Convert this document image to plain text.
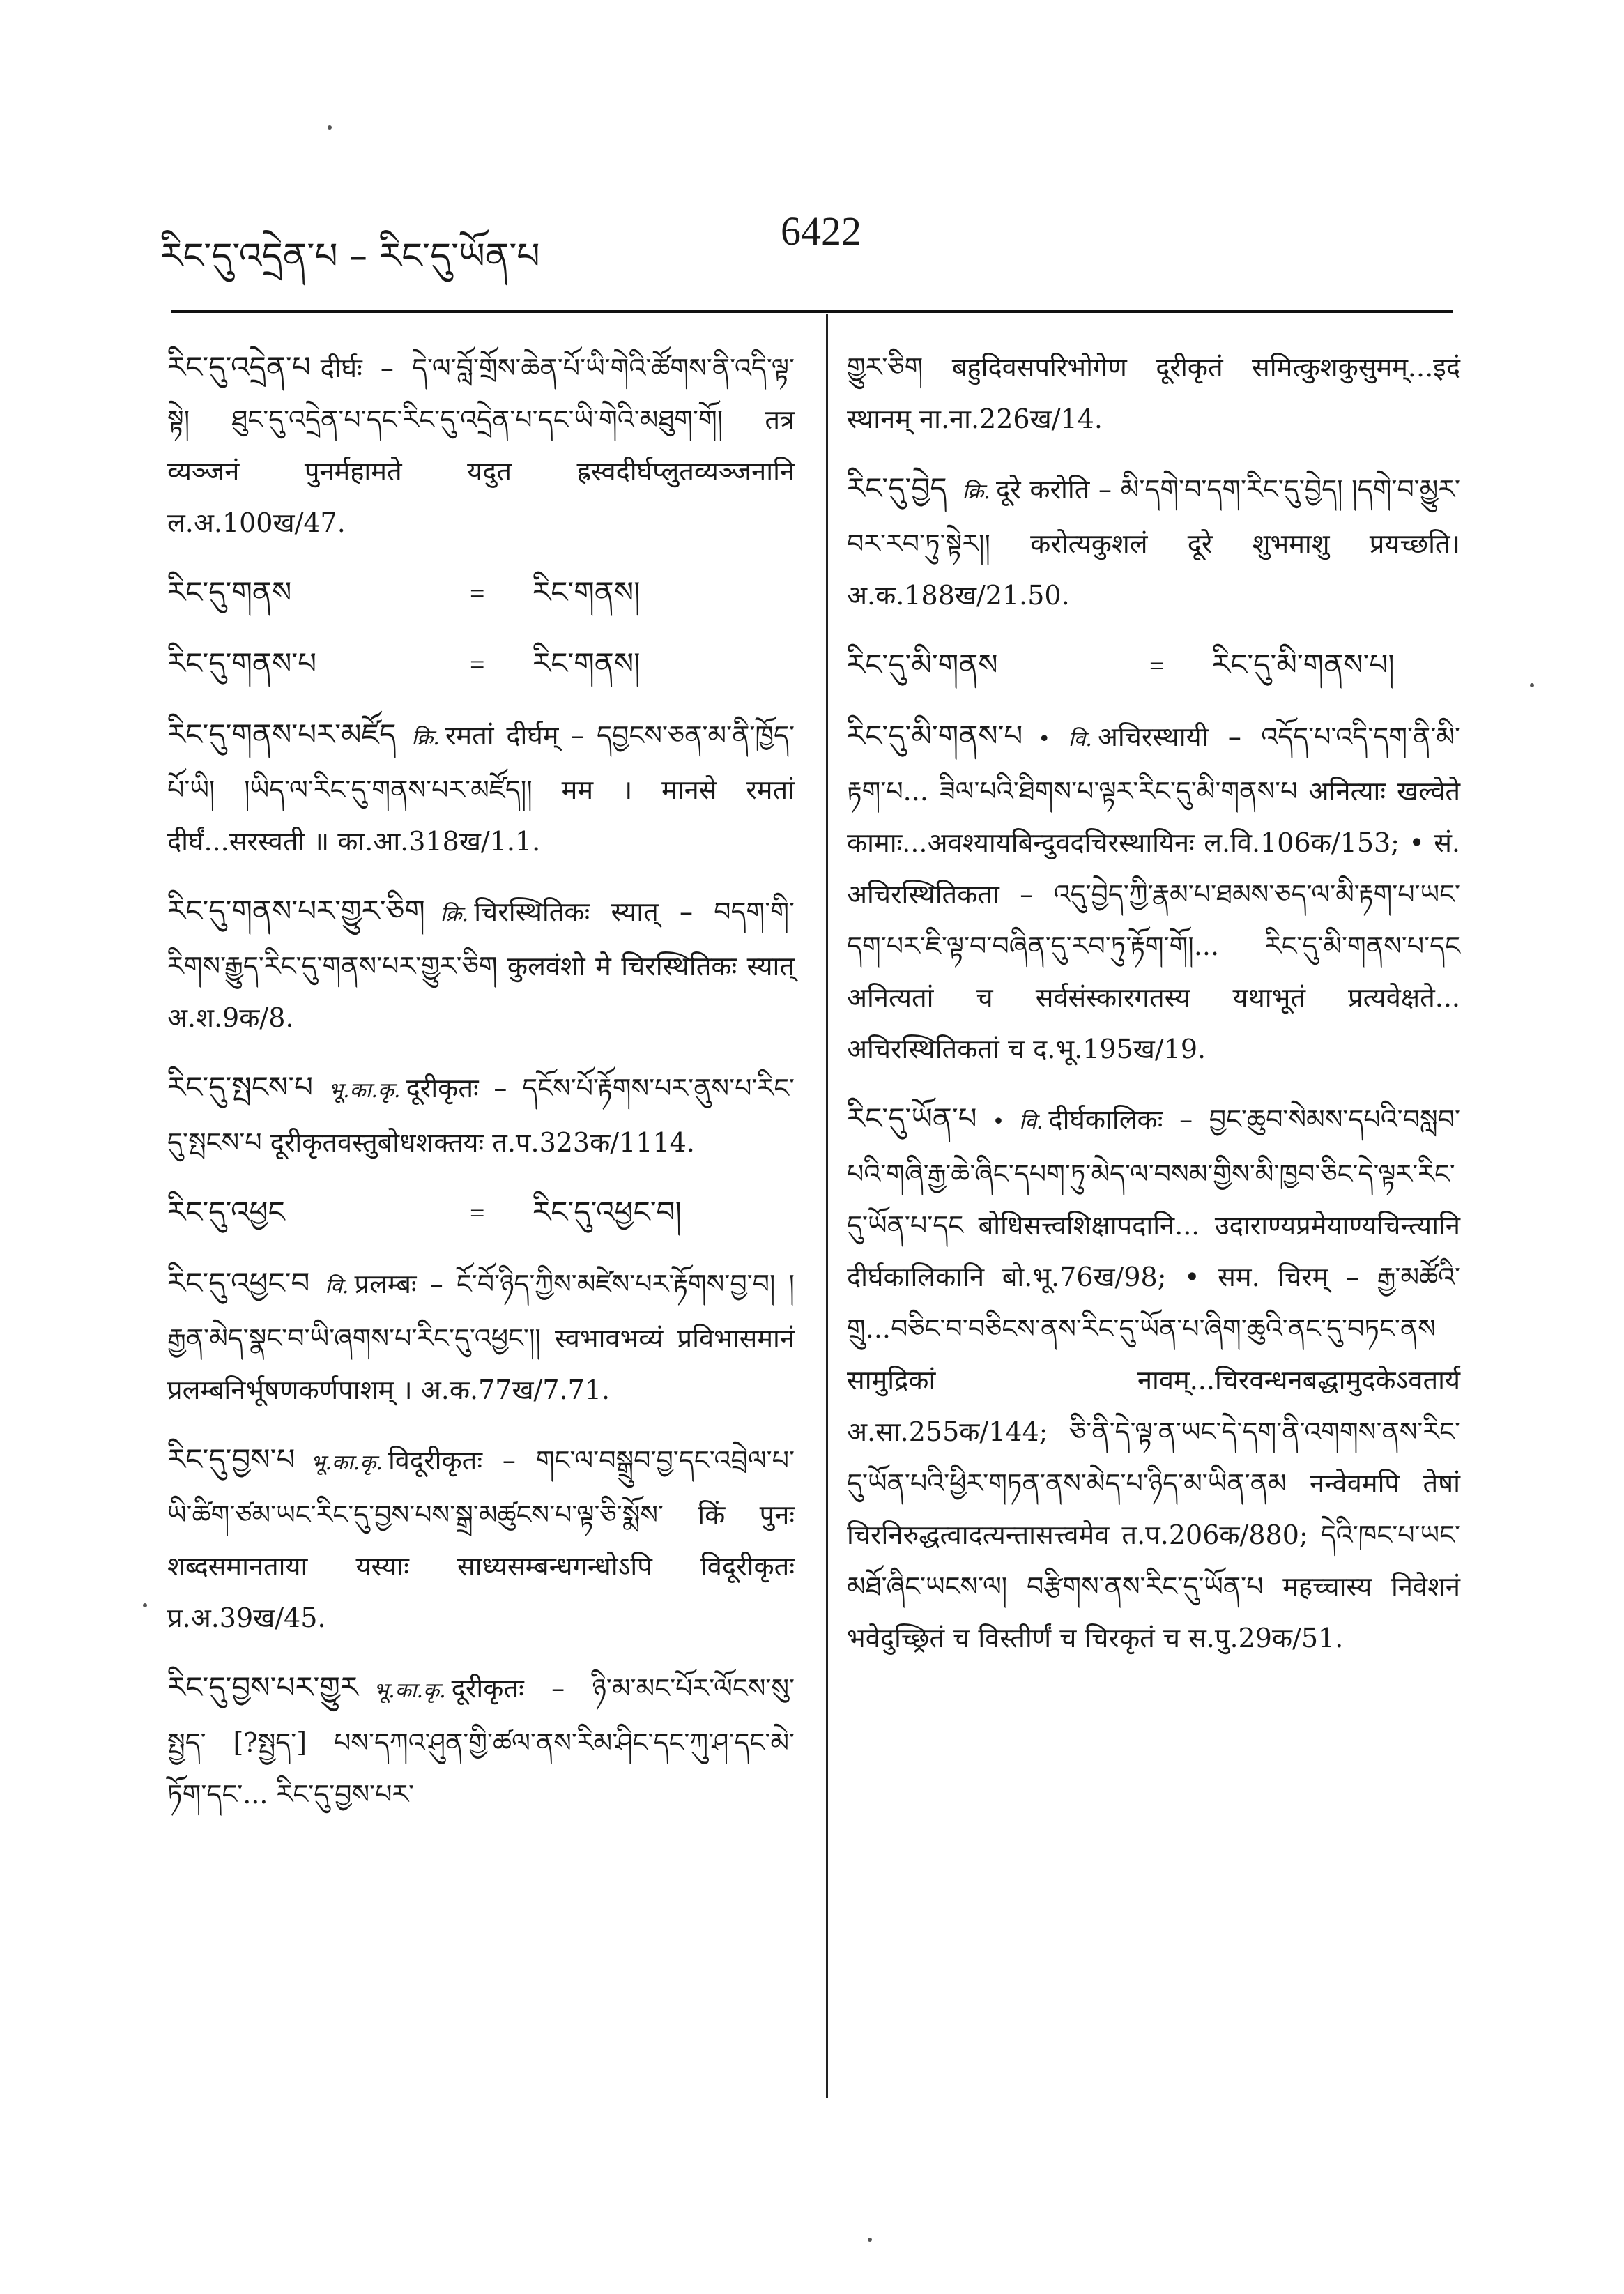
རིང་དུ་འདྲེན་པ – རིང་དུ་ཡོན་པ
6422

རིང་དུ་འདྲེན་པ दीर्घः – དེ་ལ་བློ་གྲོས་ཆེན་པོ་ཡི་གེའི་ཚོགས་ནི་འདི་ལྟ་སྟེ། ཐུང་དུ་འདྲེན་པ་དང་རིང་དུ་འདྲེན་པ་དང་ཡི་གེའི་མཐུག་གོ། तत्र व्यञ्जनं पुनर्महामते यदुत ह्रस्वदीर्घप्लुतव्यञ्जनानि ल.अ.100ख/47.

རིང་དུ་གནས	=	རིང་གནས།
རིང་དུ་གནས་པ	=	རིང་གནས།

རིང་དུ་གནས་པར་མཛོད क्रि. रमतां दीर्घम् – དབྱངས་ཅན་མ་ནི་ཁྱོད་པོ་ཡི། །ཡིད་ལ་རིང་དུ་གནས་པར་མཛོད།། मम । मानसे रमतां दीर्घं...सरस्वती ॥ का.आ.318ख/1.1.

རིང་དུ་གནས་པར་གྱུར་ཅིག क्रि. चिरस्थितिकः स्यात् – བདག་གི་རིགས་རྒྱུད་རིང་དུ་གནས་པར་གྱུར་ཅིག कुलवंशो मे चिरस्थितिकः स्यात् अ.श.9क/8.

རིང་དུ་སྤངས་པ भू.का.कृ. दूरीकृतः – དངོས་པོ་རྟོགས་པར་ནུས་པ་རིང་དུ་སྤངས་པ दूरीकृतवस्तुबोधशक्तयः त.प.323क/1114.

རིང་དུ་འཕྱང	=	རིང་དུ་འཕྱང་བ།

རིང་དུ་འཕྱང་བ वि. प्रलम्बः – ངོ་བོ་ཉིད་ཀྱིས་མཛེས་པར་རྟོགས་བྱ་བ། །རྒྱན་མེད་སྣང་བ་ཡི་ཞགས་པ་རིང་དུ་འཕྱང་།། स्वभावभव्यं प्रविभासमानं प्रलम्बनिर्भूषणकर्णपाशम् । अ.क.77ख/7.71.

རིང་དུ་བྱས་པ भू.का.कृ. विदूरीकृतः – གང་ལ་བསྒྲུབ་བྱ་དང་འབྲེལ་པ་ཡི་ཚིག་ཙམ་ཡང་རིང་དུ་བྱས་པས་སྒྲ་མཚུངས་པ་ལྟ་ཅི་སྨོས་ किं पुनः शब्दसमानताया यस्याः साध्यसम्बन्धगन्धोऽपि विदूरीकृतः प्र.अ.39ख/45.

རིང་དུ་བྱས་པར་གྱུར भू.का.कृ. दूरीकृतः – ཉི་མ་མང་པོར་ལོངས་སུ་སྤྱད་ [?སྤྱད་] པས་དཀའ་ཤུན་གྱི་ཚལ་ནས་རིམ་ཤིང་དང་ཀུ་ཤ་དང་མེ་ཏོག་དང་... རིང་དུ་བྱས་པར་

གྱུར་ཅིག बहुदिवसपरिभोगेण दूरीकृतं समित्कुशकुसुमम्...इदं स्थानम् ना.ना.226ख/14.

རིང་དུ་བྱེད क्रि. दूरे करोति – མི་དགེ་བ་དག་རིང་དུ་བྱེད། །དགེ་བ་མྱུར་བར་རབ་ཏུ་སྟེར།། करोत्यकुशलं दूरे शुभमाशु प्रयच्छति। अ.क.188ख/21.50.

རིང་དུ་མི་གནས	=	རིང་དུ་མི་གནས་པ།

རིང་དུ་མི་གནས་པ • वि. अचिरस्थायी – འདོད་པ་འདི་དག་ནི་མི་རྟག་པ... ཟིལ་པའི་ཐིགས་པ་ལྟར་རིང་དུ་མི་གནས་པ अनित्याः खल्वेते कामाः...अवश्यायबिन्दुवदचिरस्थायिनः ल.वि.106क/153; • सं. अचिरस्थितिकता – འདུ་བྱེད་ཀྱི་རྣམ་པ་ཐམས་ཅད་ལ་མི་རྟག་པ་ཡང་དག་པར་ཇི་ལྟ་བ་བཞིན་དུ་རབ་ཏུ་རྟོག་གོ།... རིང་དུ་མི་གནས་པ་དང अनित्यतां च सर्वसंस्कारगतस्य यथाभूतं प्रत्यवेक्षते... अचिरस्थितिकतां च द.भू.195ख/19.

རིང་དུ་ཡོན་པ • वि. दीर्घकालिकः – བྱང་ཆུབ་སེམས་དཔའི་བསླབ་པའི་གཞི་རྒྱ་ཆེ་ཞིང་དཔག་ཏུ་མེད་ལ་བསམ་གྱིས་མི་ཁྱབ་ཅིང་དེ་ལྟར་རིང་དུ་ཡོན་པ་དང बोधिसत्त्वशिक्षापदानि... उदाराण्यप्रमेयाण्यचिन्त्यानि दीर्घकालिकानि बो.भू.76ख/98; • सम. चिरम् – རྒྱ་མཚོའི་གྲུ...བཅིང་བ་བཅིངས་ནས་རིང་དུ་ཡོན་པ་ཞིག་ཆུའི་ནང་དུ་བཏང་ནས सामुद्रिकां नावम्...चिरवन्धनबद्धामुदकेऽवतार्य अ.सा.255क/144; ཅི་ནི་དེ་ལྟ་ན་ཡང་དེ་དག་ནི་འགགས་ནས་རིང་དུ་ཡོན་པའི་ཕྱིར་གཏན་ནས་མེད་པ་ཉིད་མ་ཡིན་ནམ नन्वेवमपि तेषां चिरनिरुद्धत्वादत्यन्तासत्त्वमेव त.प.206क/880; དེའི་ཁང་པ་ཡང་མཐོ་ཞིང་ཡངས་ལ། བརྩིགས་ནས་རིང་དུ་ཡོན་པ महच्चास्य निवेशनं भवेदुच्छ्रितं च विस्तीर्णं च चिरकृतं च स.पु.29क/51.
